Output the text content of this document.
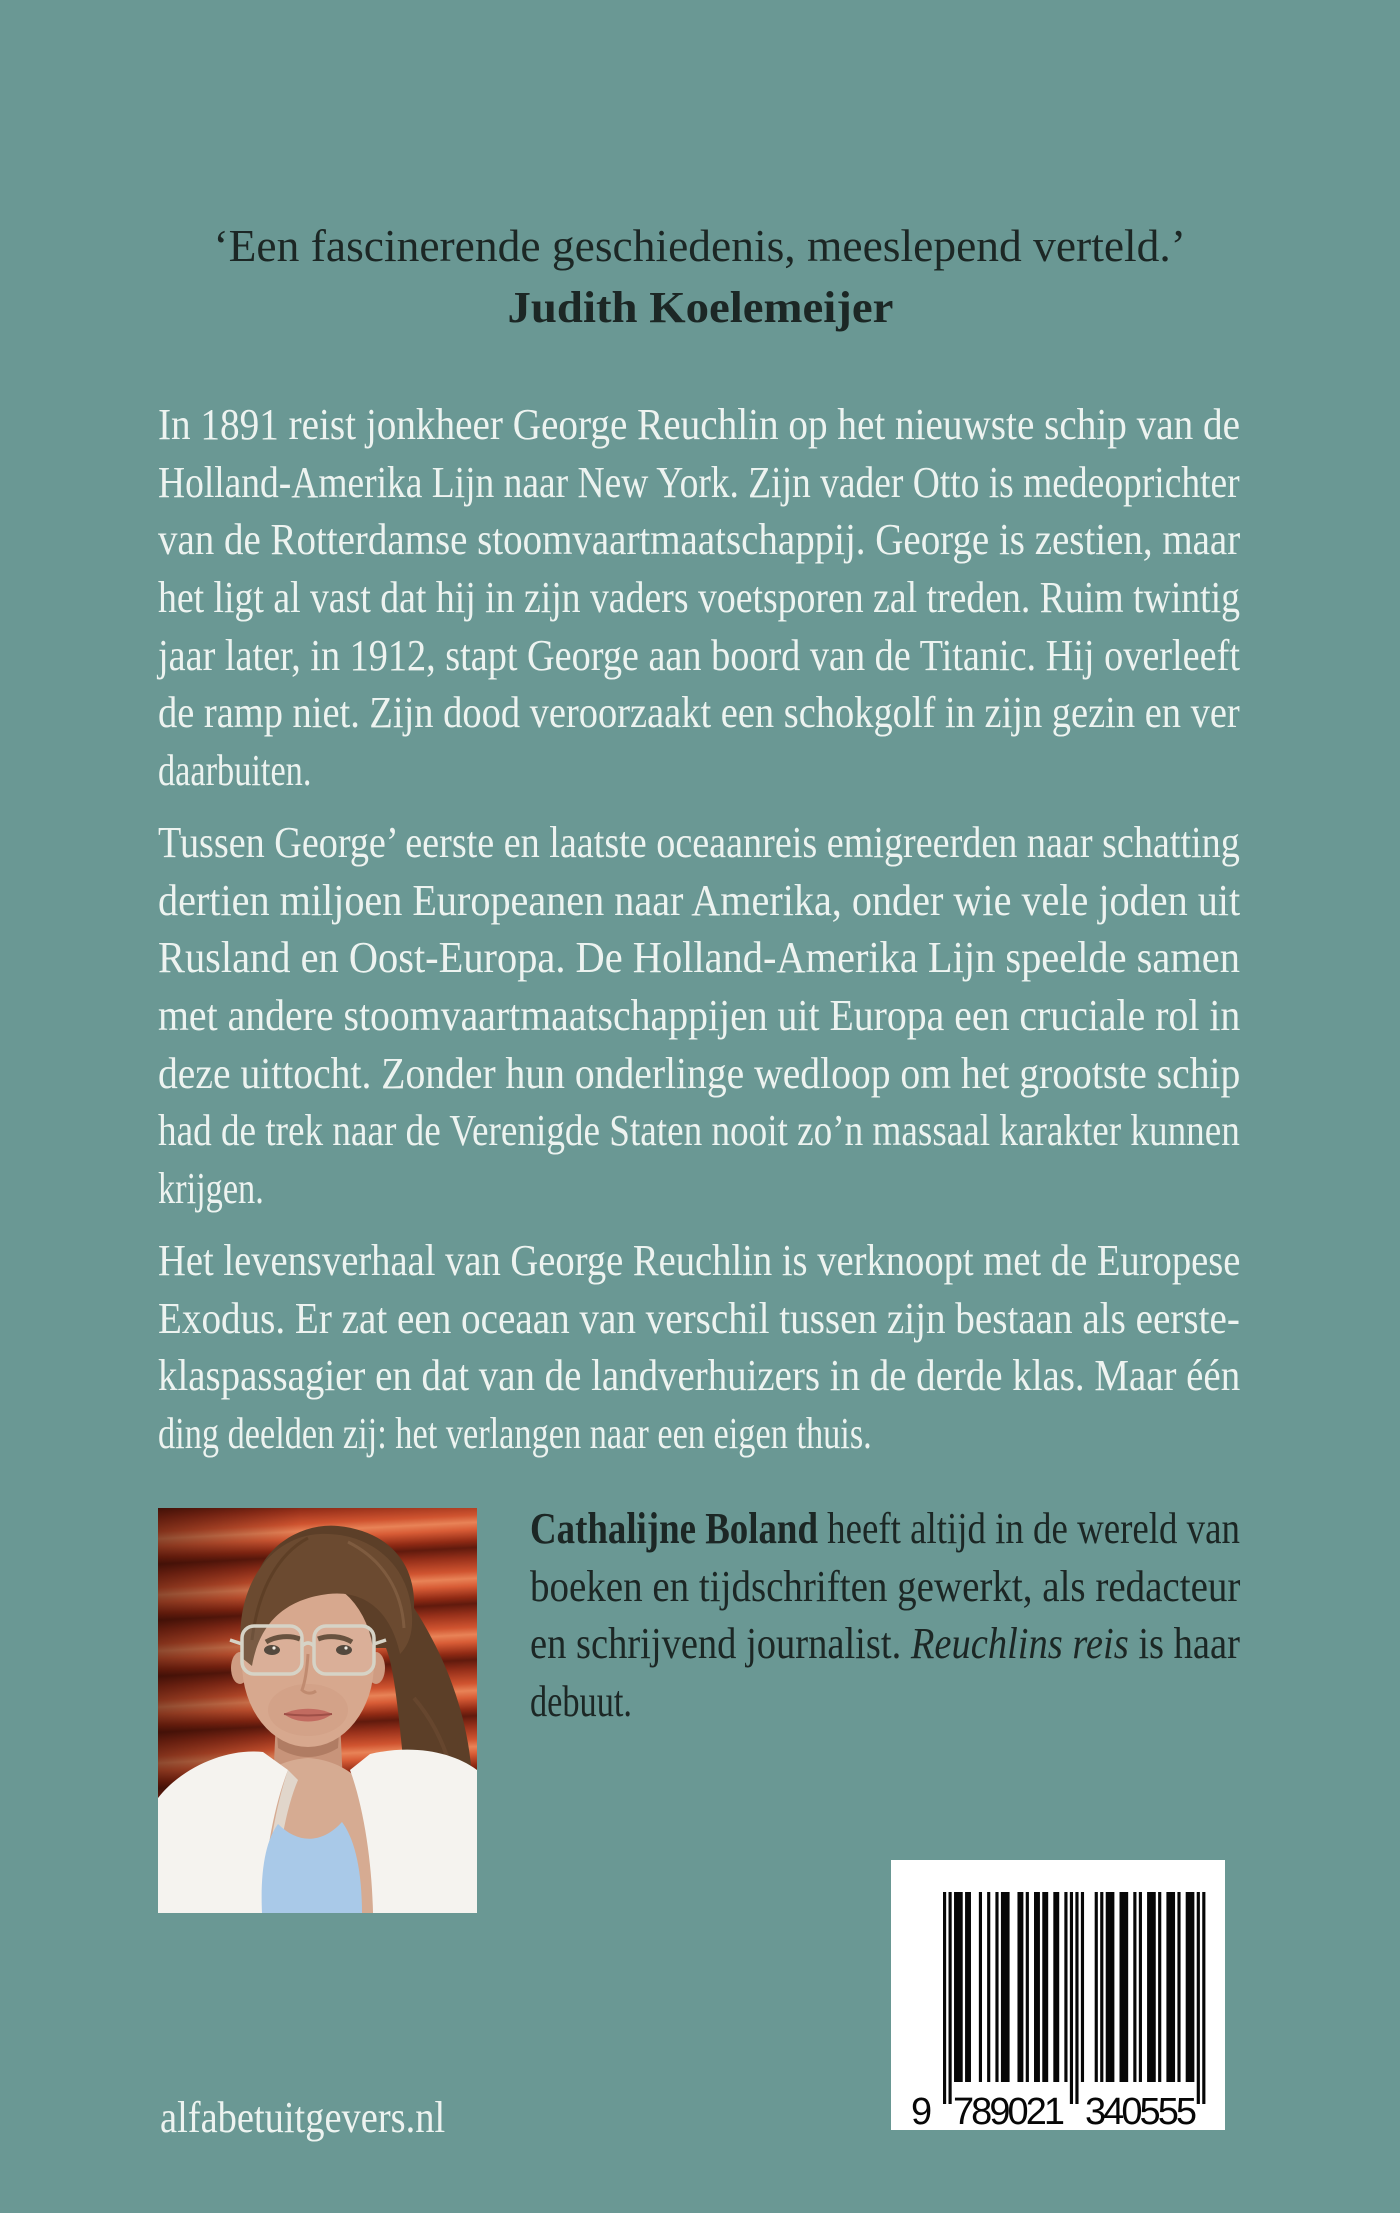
‘Een fascinerende geschiedenis, meeslepend verteld.’
Judith Koelemeijer
In 1891 reist jonkheer George Reuchlin op het nieuwste schip van de
Holland-Amerika Lijn naar New York. Zijn vader Otto is medeoprichter
van de Rotterdamse stoomvaartmaatschappij. George is zestien, maar
het ligt al vast dat hij in zijn vaders voetsporen zal treden. Ruim twintig
jaar later, in 1912, stapt George aan boord van de Titanic. Hij overleeft
de ramp niet. Zijn dood veroorzaakt een schokgolf in zijn gezin en ver
daarbuiten.
Tussen George’ eerste en laatste oceaanreis emigreerden naar schatting
dertien miljoen Europeanen naar Amerika, onder wie vele joden uit
Rusland en Oost-Europa. De Holland-Amerika Lijn speelde samen
met andere stoomvaartmaatschappijen uit Europa een cruciale rol in
deze uittocht. Zonder hun onderlinge wedloop om het grootste schip
had de trek naar de Verenigde Staten nooit zo’n massaal karakter kunnen
krijgen.
Het levensverhaal van George Reuchlin is verknoopt met de Europese
Exodus. Er zat een oceaan van verschil tussen zijn bestaan als eerste-
klaspassagier en dat van de landverhuizers in de derde klas. Maar één
ding deelden zij: het verlangen naar een eigen thuis.
Cathalijne Boland heeft altijd in de wereld van
boeken en tijdschriften gewerkt, als redacteur
en schrijvend journalist. Reuchlins reis is haar
debuut.
9 789021 340555
alfabetuitgevers.nl
